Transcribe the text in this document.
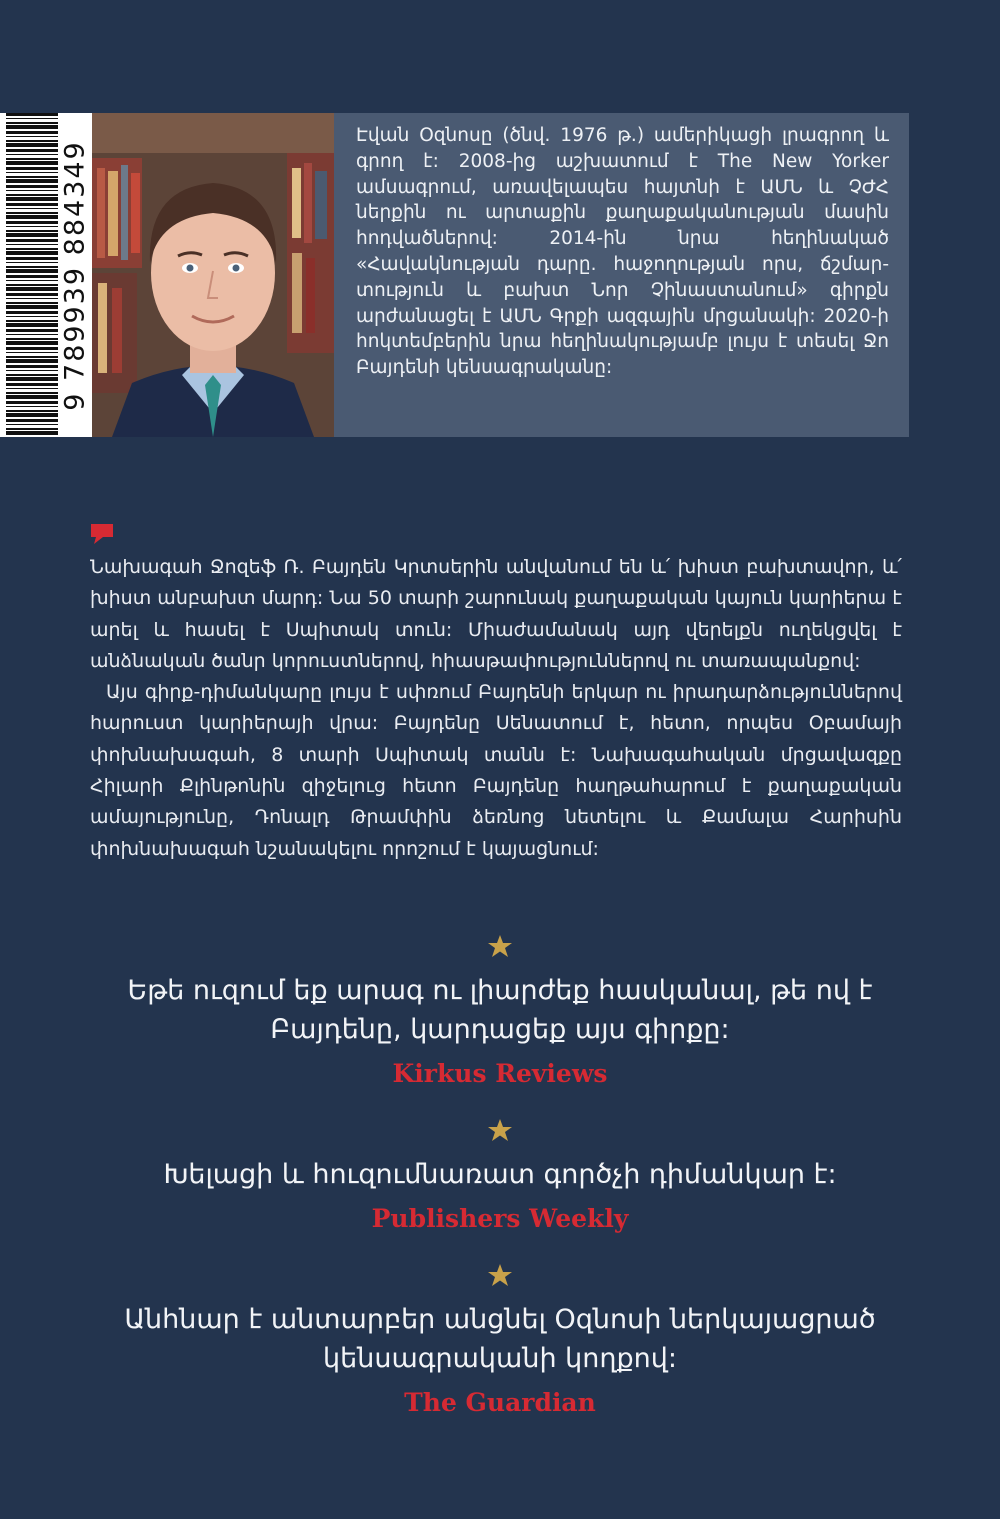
9 789939 884349

Էվան Օզնոսը (ծնվ. 1976 թ.) ամերիկացի լրագրող և գրող է: 2008-ից աշխատում է The New Yorker ամսագրում, առավելապես հայտնի է ԱՄՆ և ՉԺՀ ներքին ու արտաքին քաղաքականության մասին հոդվածներով: 2014-ին նրա հեղինակած «Հավակնության դարը. հաջողության որս, ճշմարտություն և բախտ Նոր Չինաստանում» գիրքն արժանացել է ԱՄՆ Գրքի ազգային մրցանակի: 2020-ի հոկտեմբերին նրա հեղինակությամբ լույս է տեսել Ջո Բայդենի կենսագրականը:

Նախագահ Ջոզեֆ Ռ. Բայդեն Կրտսերին անվանում են և՛ խիստ բախտավոր, և՛ խիստ անբախտ մարդ: Նա 50 տարի շարունակ քաղաքական կայուն կարիերա է արել և հասել է Սպիտակ տուն: Միաժամանակ այդ վերելքն ուղեկցվել է անձնական ծանր կորուստներով, հիասթափություններով ու տառապանքով:

Այս գիրք-դիմանկարը լույս է սփռում Բայդենի երկար ու իրադարձություններով հարուստ կարիերայի վրա: Բայդենը Սենատում է, հետո, որպես Օբամայի փոխնախագահ, 8 տարի Սպիտակ տանն է: Նախագահական մրցավազքը Հիլարի Քլինթոնին զիջելուց հետո Բայդենը հաղթահարում է քաղաքական ամայությունը, Դոնալդ Թրամփին ձեռնոց նետելու և Քամալա Հարիսին փոխնախագահ նշանակելու որոշում է կայացնում:

Եթե ուզում եք արագ ու լիարժեք հասկանալ, թե ով է Բայդենը, կարդացեք այս գիրքը:
Kirkus Reviews
Խելացի և հուզումնառատ գործչի դիմանկար է:
Publishers Weekly
Անհնար է անտարբեր անցնել Օզնոսի ներկայացրած կենսագրականի կողքով:
The Guardian
